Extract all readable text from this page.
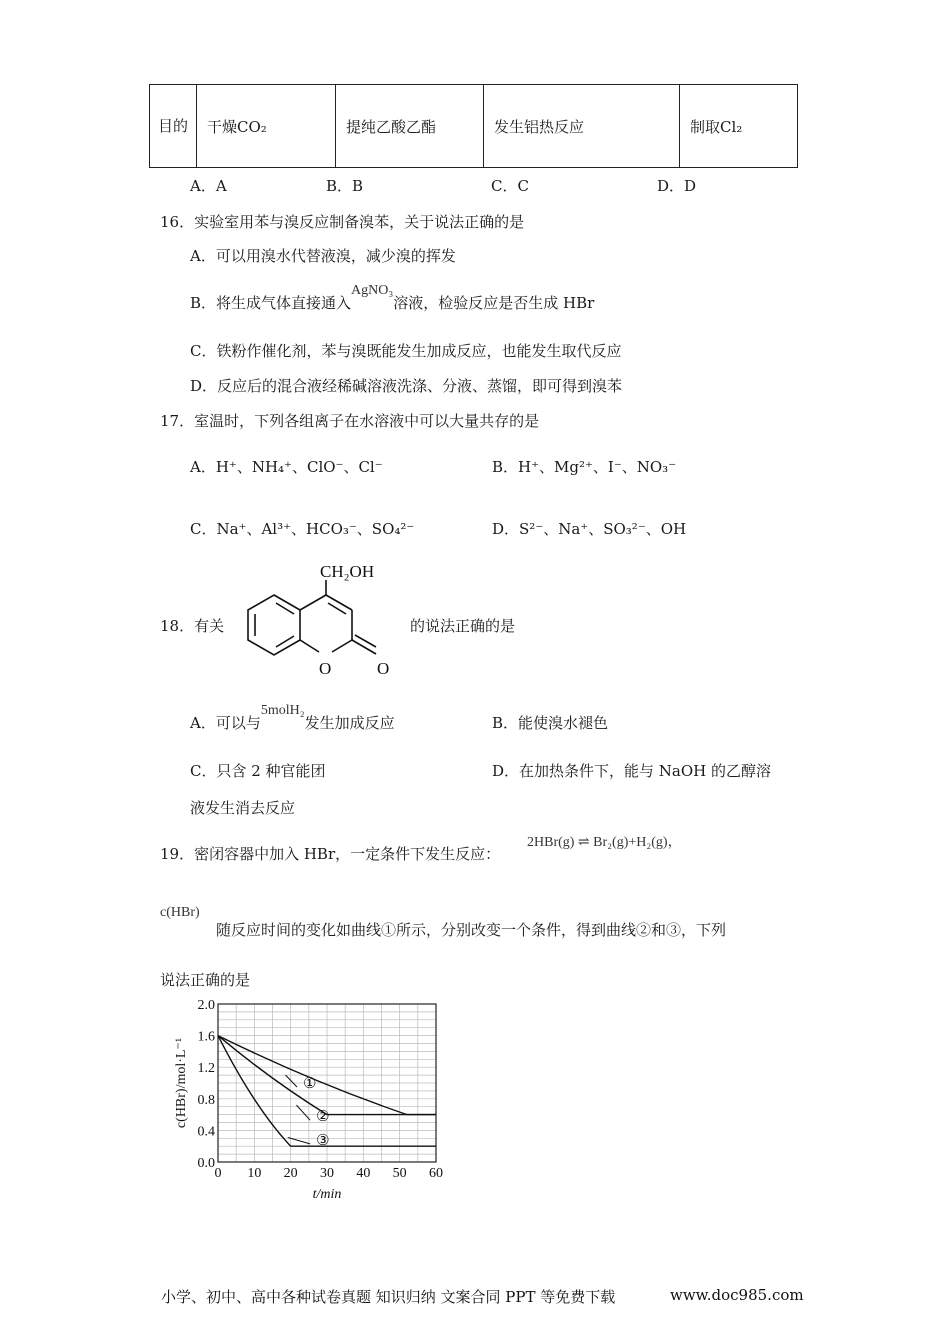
目的	干燥CO₂	提纯乙酸乙酯	发生铝热反应	制取Cl₂
A．A	B．B	C．C	D．D
16．实验室用苯与溴反应制备溴苯，关于说法正确的是
A．可以用溴水代替液溴，减少溴的挥发
B．将生成气体直接通入AgNO₃溶液，检验反应是否生成 HBr
C．铁粉作催化剂，苯与溴既能发生加成反应，也能发生取代反应
D．反应后的混合液经稀碱溶液洗涤、分液、蒸馏，即可得到溴苯
17．室温时，下列各组离子在水溶液中可以大量共存的是
A．H⁺、NH₄⁺、ClO⁻、Cl⁻	B．H⁺、Mg²⁺、I⁻、NO₃⁻
C．Na⁺、Al³⁺、HCO₃⁻、SO₄²⁻	D．S²⁻、Na⁺、SO₃²⁻、OH
18．有关
CH₂OH
O	O
的说法正确的是
A．可以与5molH₂发生加成反应	B．能使溴水褪色
C．只含 2 种官能团	D．在加热条件下，能与 NaOH 的乙醇溶
液发生消去反应
19．密闭容器中加入 HBr，一定条件下发生反应：
2HBr(g) ⇌ Br₂(g)+H₂(g)，
c(HBr)
随反应时间的变化如曲线①所示，分别改变一个条件，得到曲线②和③，下列
说法正确的是
①
②
③
0 10 20 30 40 50 60
0.0
0.4
0.8
1.2
1.6
2.0
t/min
c(HBr)/mol·L⁻¹
小学、初中、高中各种试卷真题 知识归纳 文案合同 PPT 等免费下载	www.doc985.com
